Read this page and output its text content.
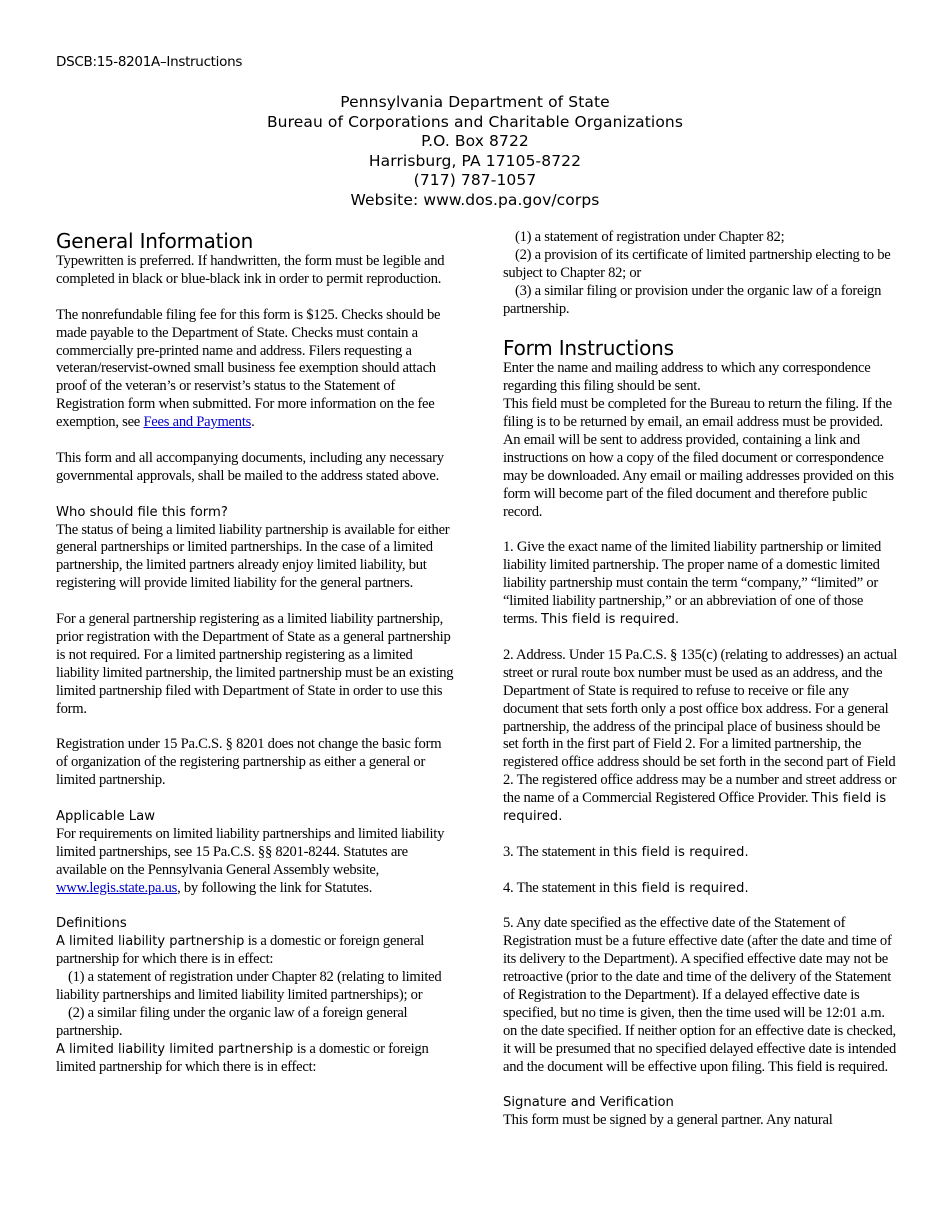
DSCB:15-8201A–Instructions
Pennsylvania Department of State
Bureau of Corporations and Charitable Organizations
P.O. Box 8722
Harrisburg, PA 17105-8722
(717) 787-1057
Website: www.dos.pa.gov/corps
General Information

Typewritten is preferred. If handwritten, the form must be legible and completed in black or blue-black ink in order to permit reproduction.

The nonrefundable filing fee for this form is $125. Checks should be made payable to the Department of State. Checks must contain a commercially pre-printed name and address. Filers requesting a veteran/reservist-owned small business fee exemption should attach proof of the veteran’s or reservist’s status to the Statement of Registration form when submitted. For more information on the fee exemption, see Fees and Payments.

This form and all accompanying documents, including any necessary governmental approvals, shall be mailed to the address stated above.

Who should file this form?

The status of being a limited liability partnership is available for either general partnerships or limited partnerships. In the case of a limited partnership, the limited partners already enjoy limited liability, but registering will provide limited liability for the general partners.

For a general partnership registering as a limited liability partnership, prior registration with the Department of State as a general partnership is not required. For a limited partnership registering as a limited liability limited partnership, the limited partnership must be an existing limited partnership filed with Department of State in order to use this form.

Registration under 15 Pa.C.S. § 8201 does not change the basic form of organization of the registering partnership as either a general or limited partnership.

Applicable Law

For requirements on limited liability partnerships and limited liability limited partnerships, see 15 Pa.C.S. §§ 8201-8244. Statutes are available on the Pennsylvania General Assembly website, www.legis.state.pa.us, by following the link for Statutes.

Definitions

A limited liability partnership is a domestic or foreign general partnership for which there is in effect:

(1) a statement of registration under Chapter 82 (relating to limited liability partnerships and limited liability limited partnerships); or

(2) a similar filing under the organic law of a foreign general partnership.

A limited liability limited partnership is a domestic or foreign limited partnership for which there is in effect:

(1) a statement of registration under Chapter 82;

(2) a provision of its certificate of limited partnership electing to be subject to Chapter 82; or

(3) a similar filing or provision under the organic law of a foreign partnership.

Form Instructions

Enter the name and mailing address to which any correspondence regarding this filing should be sent.

This field must be completed for the Bureau to return the filing. If the filing is to be returned by email, an email address must be provided. An email will be sent to address provided, containing a link and instructions on how a copy of the filed document or correspondence may be downloaded. Any email or mailing addresses provided on this form will become part of the filed document and therefore public record.

1. Give the exact name of the limited liability partnership or limited liability limited partnership. The proper name of a domestic limited liability partnership must contain the term “company,” “limited” or “limited liability partnership,” or an abbreviation of one of those terms. This field is required.

2. Address. Under 15 Pa.C.S. § 135(c) (relating to addresses) an actual street or rural route box number must be used as an address, and the Department of State is required to refuse to receive or file any document that sets forth only a post office box address. For a general partnership, the address of the principal place of business should be set forth in the first part of Field 2. For a limited partnership, the registered office address should be set forth in the second part of Field 2. The registered office address may be a number and street address or the name of a Commercial Registered Office Provider. This field is required.

3. The statement in this field is required.

4. The statement in this field is required.

5. Any date specified as the effective date of the Statement of Registration must be a future effective date (after the date and time of its delivery to the Department). A specified effective date may not be retroactive (prior to the date and time of the delivery of the Statement of Registration to the Department). If a delayed effective date is specified, but no time is given, then the time used will be 12:01 a.m. on the date specified. If neither option for an effective date is checked, it will be presumed that no specified delayed effective date is intended and the document will be effective upon filing. This field is required.

Signature and Verification

This form must be signed by a general partner. Any natural
